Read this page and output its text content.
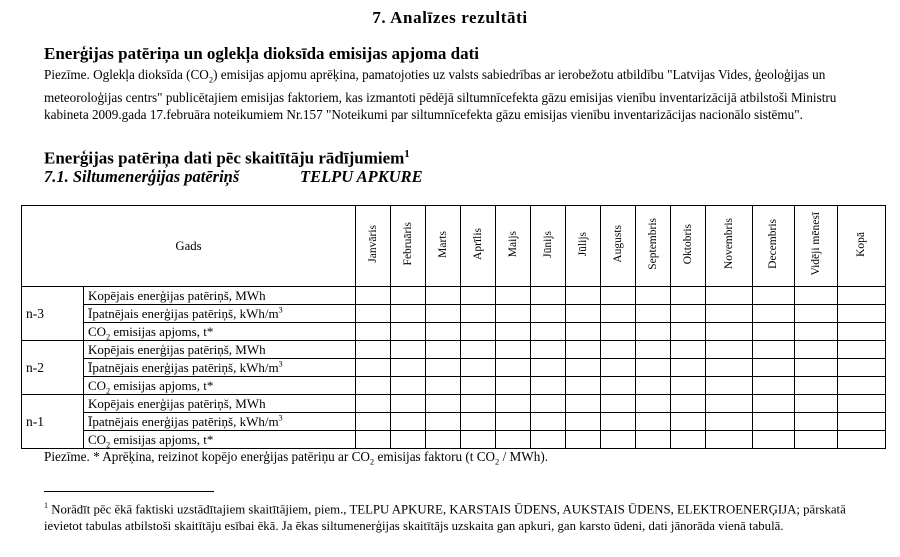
7. Analīzes rezultāti
Enerģijas patēriņa un oglekļa dioksīda emisijas apjoma dati
Piezīme. Oglekļa dioksīda $(CO_2)$ emisijas apjomu aprēķina, pamatojoties uz valsts sabiedrības ar ierobežotu atbildību "Latvijas Vides, ģeoloģijas un meteoroloģijas centrs" publicētajiem emisijas faktoriem, kas izmantoti pēdējā siltumnīcefekta gāzu emisijas vienību inventarizācijā atbilstoši Ministru kabineta 2009.gada 17.februāra noteikumiem Nr.157 "Noteikumi par siltumnīcefekta gāzu emisijas vienību inventarizācijas nacionālo sistēmu".
Enerģijas patēriņa dati pēc skaitītāju rādījumiem$^1$
7.1. Siltumenerģijas patēriņš	TELPU APKURE
Gads		Janvāris	Februāris	Marts	Aprīlis	Maijs	Jūnijs	Jūlijs	Augusts	Septembris	Oktobris	Novembris	Decembris	Vidēji mēnesī	Kopā
n-3	Kopējais enerģijas patēriņš, MWh														
	Īpatnējais enerģijas patēriņš, kWh/$m^3$														
	$CO_2$ emisijas apjoms, t*														
n-2	Kopējais enerģijas patēriņš, MWh														
	Īpatnējais enerģijas patēriņš, kWh/$m^3$														
	$CO_2$ emisijas apjoms, t*														
n-1	Kopējais enerģijas patēriņš, MWh														
	Īpatnējais enerģijas patēriņš, kWh/$m^3$														
	$CO_2$ emisijas apjoms, t*														
Piezīme. * Aprēķina, reizinot kopējo enerģijas patēriņu ar $CO_2$ emisijas faktoru (t $CO_2 / MWh$).
$^1$ Norādīt pēc ēkā faktiski uzstādītajiem skaitītājiem, piem., TELPU APKURE, KARSTAIS ŪDENS, AUKSTAIS ŪDENS, ELEKTROENERĢIJA; pārskatā ievietot tabulas atbilstoši skaitītāju esībai ēkā. Ja ēkas siltumenerģijas skaitītājs uzskaita gan apkuri, gan karsto ūdeni, dati jānorāda vienā tabulā.
